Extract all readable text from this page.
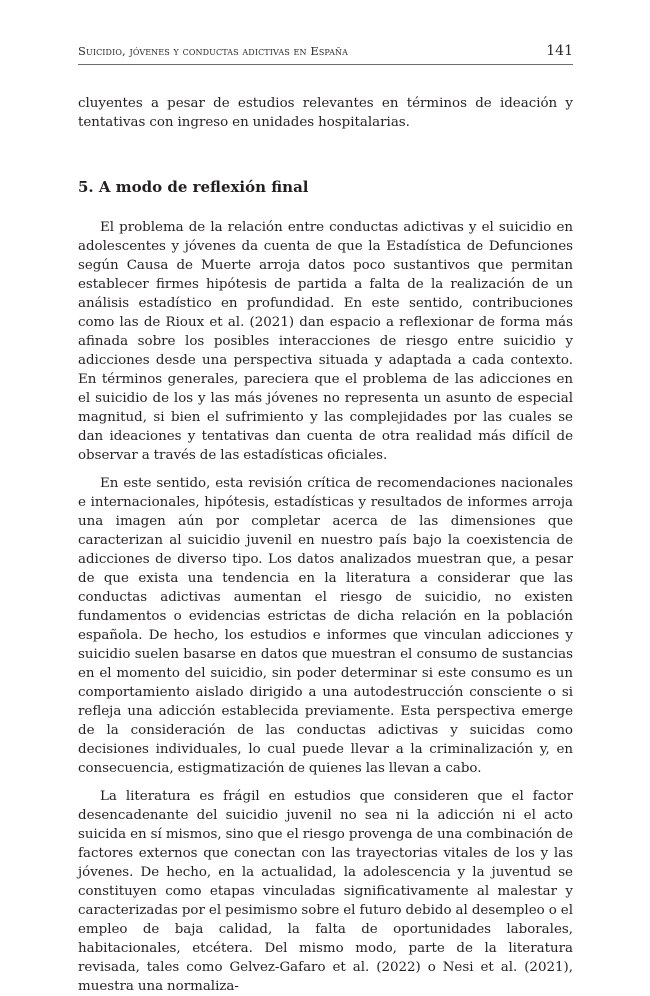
Suicidio, jóvenes y conductas adictivas en España	141

cluyentes a pesar de estudios relevantes en términos de ideación y tentativas con ingreso en unidades hospitalarias.

5. A modo de reflexión final

El problema de la relación entre conductas adictivas y el suicidio en adolescentes y jóvenes da cuenta de que la Estadística de Defunciones según Causa de Muerte arroja datos poco sustantivos que permitan establecer firmes hipótesis de partida a falta de la realización de un análisis estadístico en profundidad. En este sentido, contribuciones como las de Rioux et al. (2021) dan espacio a reflexionar de forma más afinada sobre los posibles interacciones de riesgo entre suicidio y adicciones desde una perspectiva situada y adaptada a cada contexto. En términos generales, pareciera que el problema de las adicciones en el suicidio de los y las más jóvenes no representa un asunto de especial magnitud, si bien el sufrimiento y las complejidades por las cuales se dan ideaciones y tentativas dan cuenta de otra realidad más difícil de observar a través de las estadísticas oficiales.

En este sentido, esta revisión crítica de recomendaciones nacionales e internacionales, hipótesis, estadísticas y resultados de informes arroja una imagen aún por completar acerca de las dimensiones que caracterizan al suicidio juvenil en nuestro país bajo la coexistencia de adicciones de diverso tipo. Los datos analizados muestran que, a pesar de que exista una tendencia en la literatura a considerar que las conductas adictivas aumentan el riesgo de suicidio, no existen fundamentos o evidencias estrictas de dicha relación en la población española. De hecho, los estudios e informes que vinculan adicciones y suicidio suelen basarse en datos que muestran el consumo de sustancias en el momento del suicidio, sin poder determinar si este consumo es un comportamiento aislado dirigido a una autodestrucción consciente o si refleja una adicción establecida previamente. Esta perspectiva emerge de la consideración de las conductas adictivas y suicidas como decisiones individuales, lo cual puede llevar a la criminalización y, en consecuencia, estigmatización de quienes las llevan a cabo.

La literatura es frágil en estudios que consideren que el factor desencadenante del suicidio juvenil no sea ni la adicción ni el acto suicida en sí mismos, sino que el riesgo provenga de una combinación de factores externos que conectan con las trayectorias vitales de los y las jóvenes. De hecho, en la actualidad, la adolescencia y la juventud se constituyen como etapas vinculadas significativamente al malestar y caracterizadas por el pesimismo sobre el futuro debido al desempleo o el empleo de baja calidad, la falta de oportunidades laborales, habitacionales, etcétera. Del mismo modo, parte de la literatura revisada, tales como Gelvez-Gafaro et al. (2022) o Nesi et al. (2021), muestra una normaliza-
